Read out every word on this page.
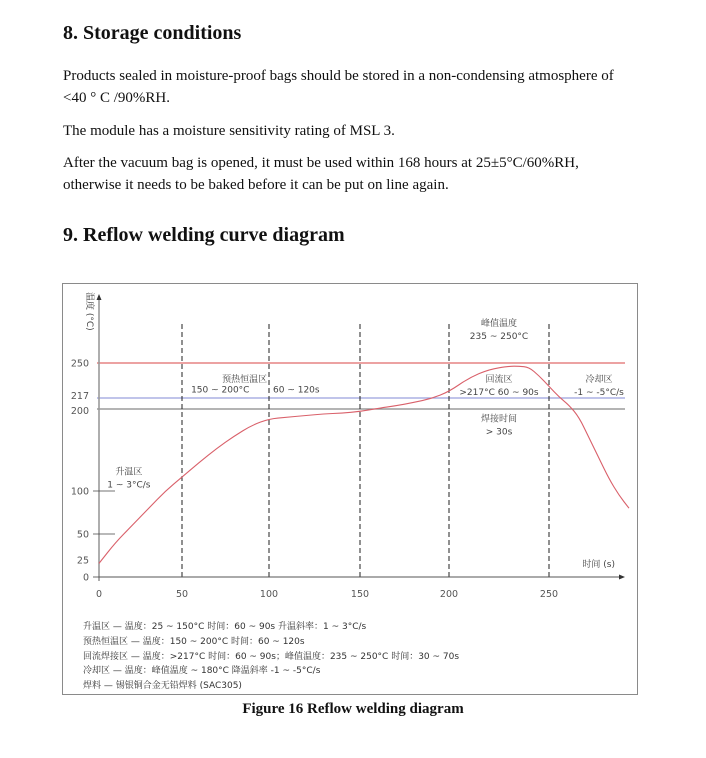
8. Storage conditions

Products sealed in moisture-proof bags should be stored in a non-condensing atmosphere of
<40 ° C /90%RH.

The module has a moisture sensitivity rating of MSL 3.

After the vacuum bag is opened, it must be used within 168 hours at 25±5°C/60%RH,
otherwise it needs to be baked before it can be put on line again.

9. Reflow welding curve diagram
0
25
50
100
200
217
250
0	50	100	150	200	250
时间 (s)
温度 (°C)
升温区
1 ~ 3°C/s
预热恒温区
150 ~ 200°C	60 ~ 120s
峰值温度
235 ~ 250°C
回流区
>217°C 60 ~ 90s
焊接时间
> 30s
冷却区
-1 ~ -5°C/s
升温区 — 温度：25 ~ 150°C 时间：60 ~ 90s 升温斜率：1 ~ 3°C/s
预热恒温区 — 温度：150 ~ 200°C 时间：60 ~ 120s
回流焊接区 — 温度：>217°C 时间：60 ~ 90s；峰值温度：235 ~ 250°C 时间：30 ~ 70s
冷却区 — 温度：峰值温度 ~ 180°C 降温斜率 -1 ~ -5°C/s
焊料 — 锡银铜合金无铅焊料 (SAC305)
Figure 16 Reflow welding diagram
